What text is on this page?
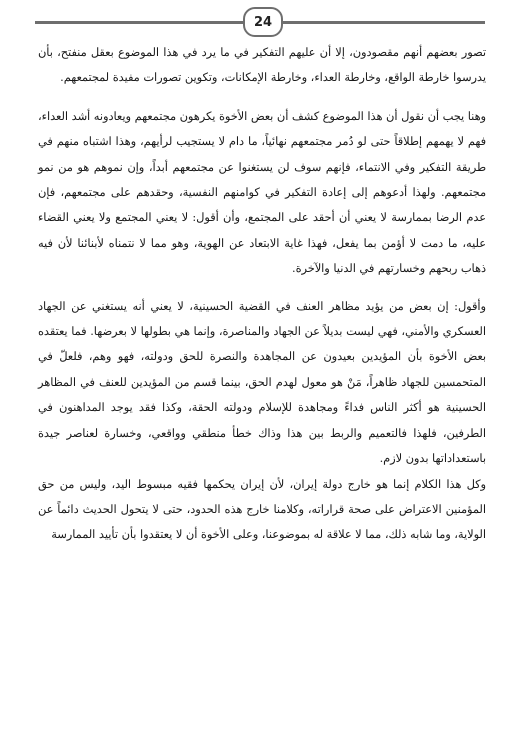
24

تصور بعضهم أنهم مقصودون، إلا أن عليهم التفكير في ما يرد في هذا الموضوع بعقل منفتح، بأن يدرسوا خارطة الواقع، وخارطة العداء، وخارطة الإمكانات، وتكوين تصورات مفيدة لمجتمعهم.

وهنا يجب أن نقول أن هذا الموضوع كشف أن بعض الأخوة يكرهون مجتمعهم ويعادونه أشد العداء، فهم لا يهمهم إطلاقاً حتى لو دُمر مجتمعهم نهائياً، ما دام لا يستجيب لرأيهم، وهذا اشتباه منهم في طريقة التفكير وفي الانتماء، فإنهم سوف لن يستغنوا عن مجتمعهم أبداً، وإن نموهم هو من نمو مجتمعهم. ولهذا أدعوهم إلى إعادة التفكير في كوامنهم النفسية، وحقدهم على مجتمعهم، فإن عدم الرضا بممارسة لا يعني أن أحقد على المجتمع، وأن أقول: لا يعني المجتمع ولا يعني القضاء عليه، ما دمت لا أؤمن بما يفعل، فهذا غاية الابتعاد عن الهوية، وهو مما لا نتمناه لأبنائنا لأن فيه ذهاب ربحهم وخسارتهم في الدنيا والآخرة.

وأقول: إن بعض من يؤيد مظاهر العنف في القضية الحسينية، لا يعني أنه يستغني عن الجهاد العسكري والأمني، فهي ليست بديلاً عن الجهاد والمناصرة، وإنما هي بطولها لا بعرضها. فما يعتقده بعض الأخوة بأن المؤيدين بعيدون عن المجاهدة والنصرة للحق ودولته، فهو وهم، فلعلّ في المتحمسين للجهاد ظاهراً، مَنْ هو معول لهدم الحق، بينما قسم من المؤيدين للعنف في المظاهر الحسينية هو أكثر الناس فداءً ومجاهدة للإسلام ودولته الحقة، وكذا فقد يوجد المداهنون في الطرفين، فلهذا فالتعميم والربط بين هذا وذاك خطأ منطقي وواقعي، وخسارة لعناصر جيدة باستعداداتها بدون لازم.

وكل هذا الكلام إنما هو خارج دولة إيران، لأن إيران يحكمها فقيه مبسوط اليد، وليس من حق المؤمنين الاعتراض على صحة قراراته، وكلامنا خارج هذه الحدود، حتى لا يتحول الحديث دائماً عن الولاية، وما شابه ذلك، مما لا علاقة له بموضوعنا، وعلى الأخوة أن لا يعتقدوا بأن تأييد الممارسة
